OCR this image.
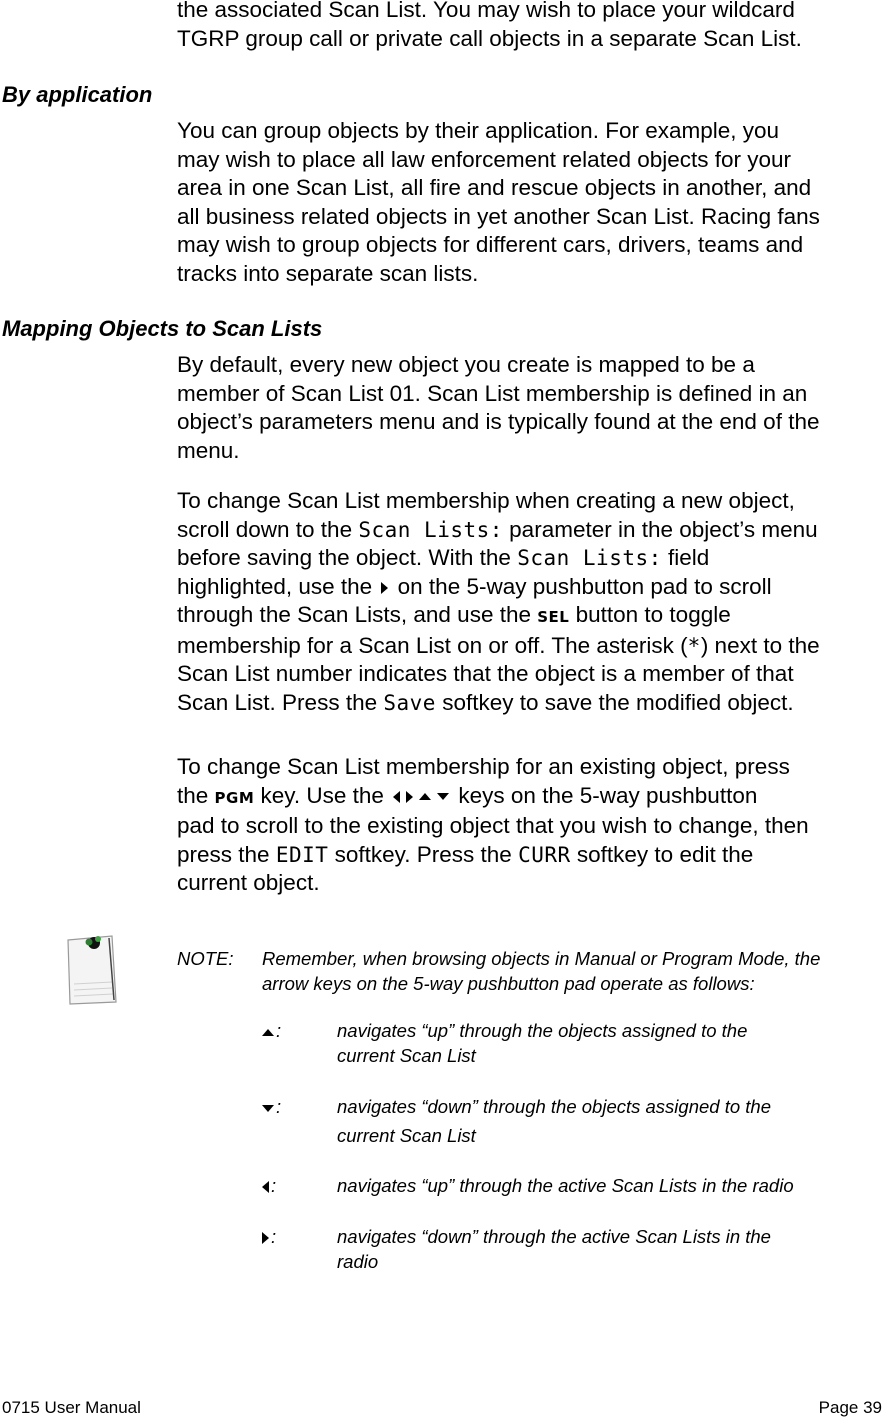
the associated Scan List. You may wish to place your wildcard
TGRP group call or private call objects in a separate Scan List.
By application
You can group objects by their application. For example, you
may wish to place all law enforcement related objects for your
area in one Scan List, all fire and rescue objects in another, and
all business related objects in yet another Scan List. Racing fans
may wish to group objects for different cars, drivers, teams and
tracks into separate scan lists.
Mapping Objects to Scan Lists
By default, every new object you create is mapped to be a
member of Scan List 01. Scan List membership is defined in an
object’s parameters menu and is typically found at the end of the
menu.
To change Scan List membership when creating a new object,
scroll down to the Scan Lists: parameter in the object’s menu
before saving the object. With the Scan Lists: field
highlighted, use the  on the 5-way pushbutton pad to scroll
through the Scan Lists, and use the SEL button to toggle
membership for a Scan List on or off. The asterisk (*) next to the
Scan List number indicates that the object is a member of that
Scan List. Press the Save softkey to save the modified object.
To change Scan List membership for an existing object, press
the PGM key. Use the	keys on the 5-way pushbutton
pad to scroll to the existing object that you wish to change, then
press the EDIT softkey. Press the CURR softkey to edit the
current object.
NOTE: Remember, when browsing objects in Manual or Program Mode, the
arrow keys on the 5-way pushbutton pad operate as follows:
:	navigates “up” through the objects assigned to the
current Scan List
:	navigates “down” through the objects assigned to the
current Scan List
:	navigates “up” through the active Scan Lists in the radio
:	navigates “down” through the active Scan Lists in the
radio
0715 User Manual	Page 39
